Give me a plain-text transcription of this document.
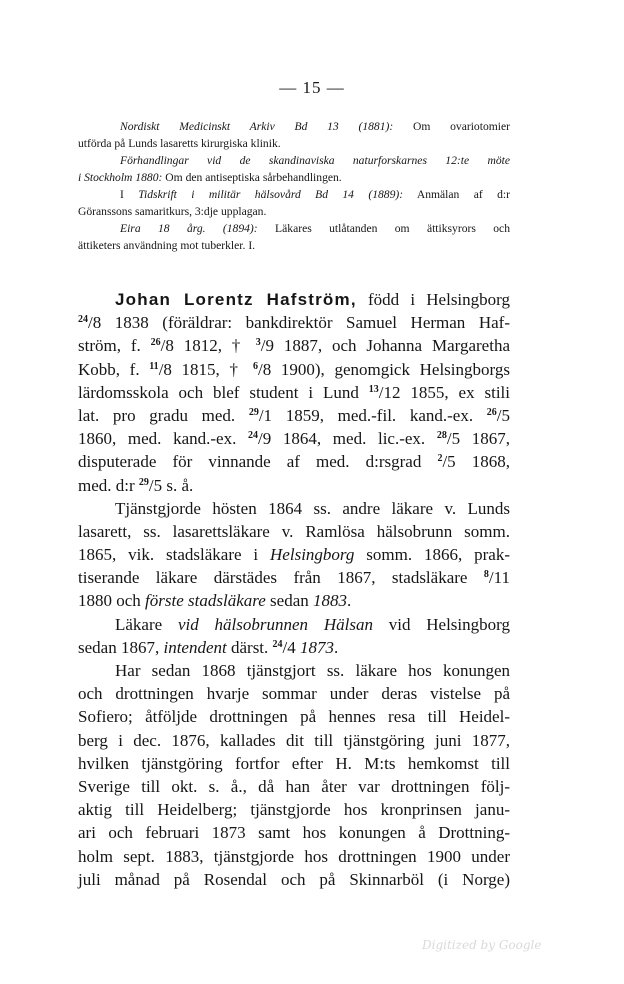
— 15 —
Nordiskt Medicinskt Arkiv Bd 13 (1881): Om ovariotomier
utförda på Lunds lasaretts kirurgiska klinik.
Förhandlingar vid de skandinaviska naturforskarnes 12:te möte
i Stockholm 1880: Om den antiseptiska sårbehandlingen.
I Tidskrift i militär hälsovård Bd 14 (1889): Anmälan af d:r
Göranssons samaritkurs, 3:dje upplagan.
Eira 18 årg. (1894): Läkares utlåtanden om ättiksyrors och
ättiketers användning mot tuberkler. I.
Johan Lorentz Hafström, född i Helsingborg
$^{24}$/8 1838 (föräldrar: bankdirektör Samuel Herman Haf-
ström, f. $^{26}$/8 1812, † $^3$/9 1887, och Johanna Margaretha
Kobb, f. $^{11}$/8 1815, † $^6$/8 1900), genomgick Helsingborgs
lärdomsskola och blef student i Lund $^{13}$/12 1855, ex stili
lat. pro gradu med. $^{29}$/1 1859, med.-fil. kand.-ex. $^{26}$/5
1860, med. kand.-ex. $^{24}$/9 1864, med. lic.-ex. $^{28}$/5 1867,
disputerade för vinnande af med. d:rsgrad $^2$/5 1868,
med. d:r $^{29}$/5 s. å.
Tjänstgjorde hösten 1864 ss. andre läkare v. Lunds
lasarett, ss. lasarettsläkare v. Ramlösa hälsobrunn somm.
1865, vik. stadsläkare i Helsingborg somm. 1866, prak-
tiserande läkare därstädes från 1867, stadsläkare $^8$/11
1880 och förste stadsläkare sedan 1883.
Läkare vid hälsobrunnen Hälsan vid Helsingborg
sedan 1867, intendent därst. $^{24}$/4 1873.
Har sedan 1868 tjänstgjort ss. läkare hos konungen
och drottningen hvarje sommar under deras vistelse på
Sofiero; åtföljde drottningen på hennes resa till Heidel-
berg i dec. 1876, kallades dit till tjänstgöring juni 1877,
hvilken tjänstgöring fortfor efter H. M:ts hemkomst till
Sverige till okt. s. å., då han åter var drottningen följ-
aktig till Heidelberg; tjänstgjorde hos kronprinsen janu-
ari och februari 1873 samt hos konungen å Drottning-
holm sept. 1883, tjänstgjorde hos drottningen 1900 under
juli månad på Rosendal och på Skinnarböl (i Norge)
Digitized by Google
